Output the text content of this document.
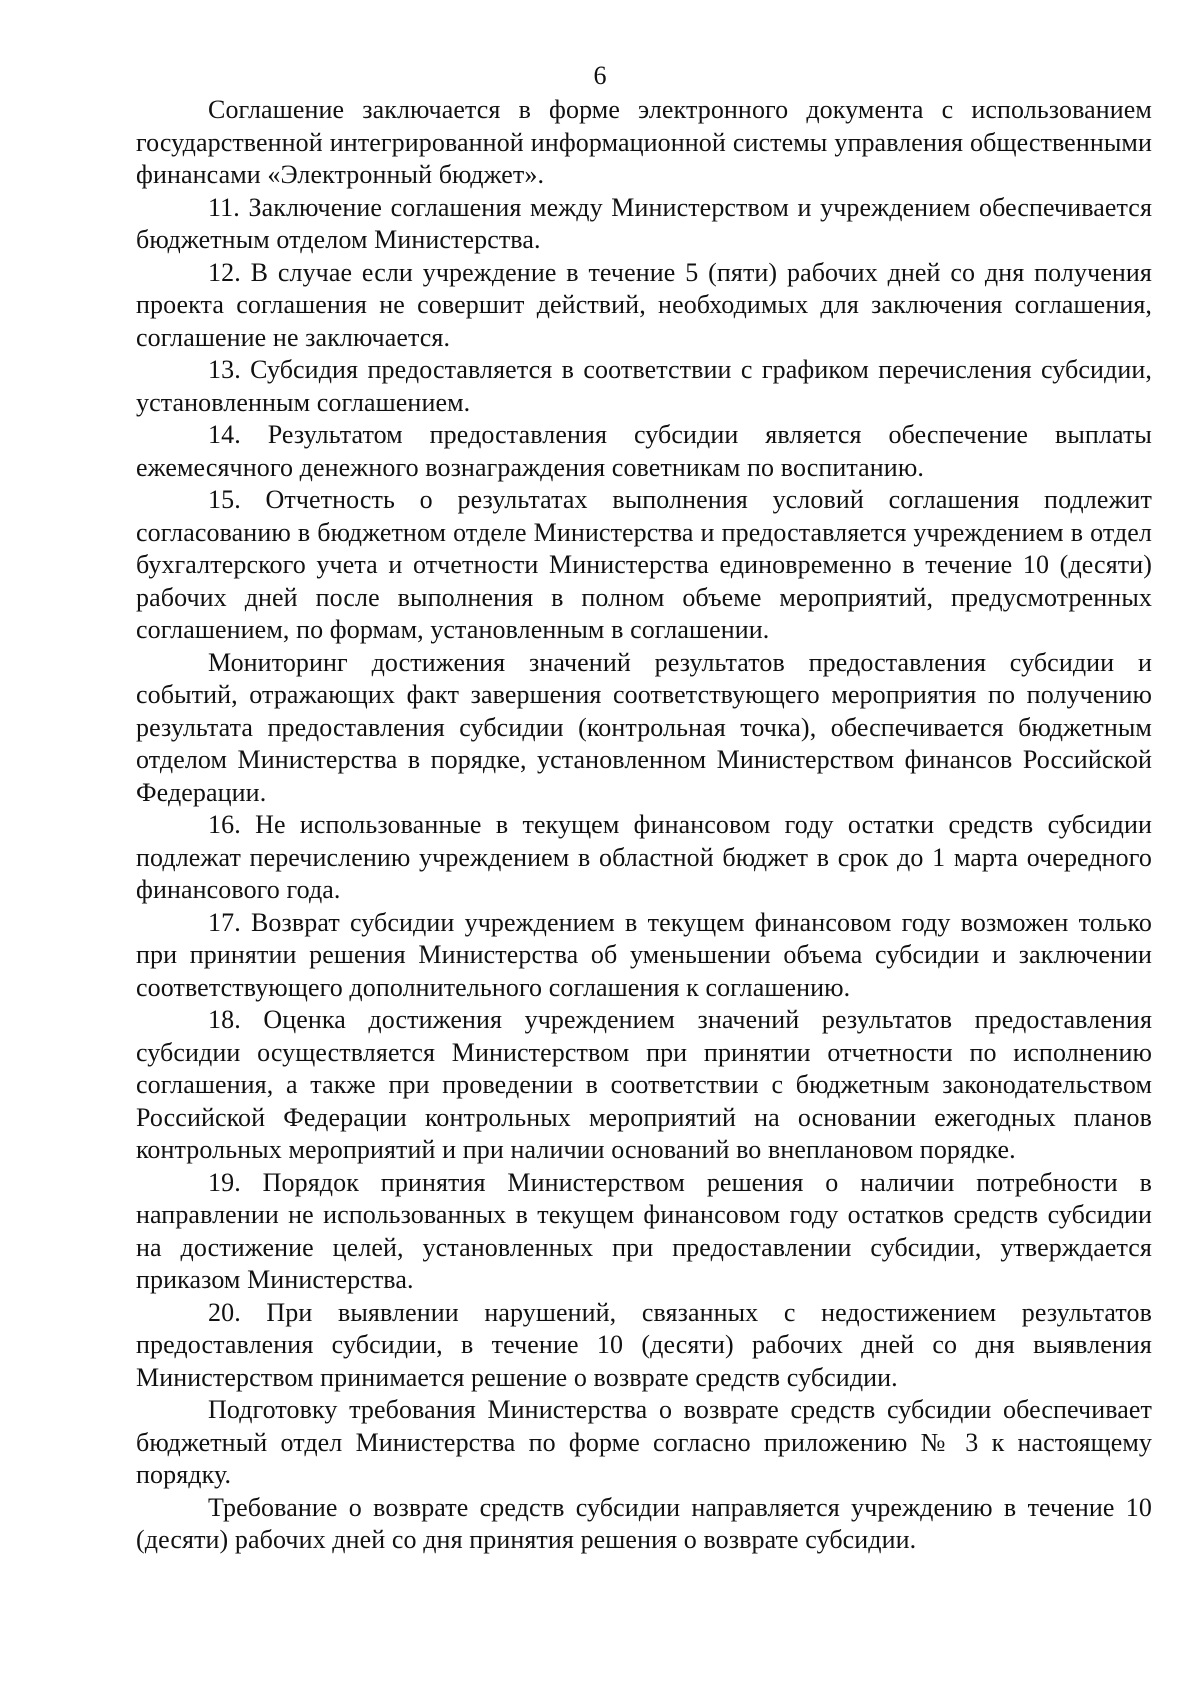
6

Соглашение заключается в форме электронного документа с использованием государственной интегрированной информационной системы управления общественными финансами «Электронный бюджет».

11. Заключение соглашения между Министерством и учреждением обеспечивается бюджетным отделом Министерства.

12. В случае если учреждение в течение 5 (пяти) рабочих дней со дня получения проекта соглашения не совершит действий, необходимых для заключения соглашения, соглашение не заключается.

13. Субсидия предоставляется в соответствии с графиком перечисления субсидии, установленным соглашением.

14. Результатом предоставления субсидии является обеспечение выплаты ежемесячного денежного вознаграждения советникам по воспитанию.

15. Отчетность о результатах выполнения условий соглашения подлежит согласованию в бюджетном отделе Министерства и предоставляется учреждением в отдел бухгалтерского учета и отчетности Министерства единовременно в течение 10 (десяти) рабочих дней после выполнения в полном объеме мероприятий, предусмотренных соглашением, по формам, установленным в соглашении.

Мониторинг достижения значений результатов предоставления субсидии и событий, отражающих факт завершения соответствующего мероприятия по получению результата предоставления субсидии (контрольная точка), обеспечивается бюджетным отделом Министерства в порядке, установленном Министерством финансов Российской Федерации.

16. Не использованные в текущем финансовом году остатки средств субсидии подлежат перечислению учреждением в областной бюджет в срок до 1 марта очередного финансового года.

17. Возврат субсидии учреждением в текущем финансовом году возможен только при принятии решения Министерства об уменьшении объема субсидии и заключении соответствующего дополнительного соглашения к соглашению.

18. Оценка достижения учреждением значений результатов предоставления субсидии осуществляется Министерством при принятии отчетности по исполнению соглашения, а также при проведении в соответствии с бюджетным законодательством Российской Федерации контрольных мероприятий на основании ежегодных планов контрольных мероприятий и при наличии оснований во внеплановом порядке.

19. Порядок принятия Министерством решения о наличии потребности в направлении не использованных в текущем финансовом году остатков средств субсидии на достижение целей, установленных при предоставлении субсидии, утверждается приказом Министерства.

20. При выявлении нарушений, связанных с недостижением результатов предоставления субсидии, в течение 10 (десяти) рабочих дней со дня выявления Министерством принимается решение о возврате средств субсидии.

Подготовку требования Министерства о возврате средств субсидии обеспечивает бюджетный отдел Министерства по форме согласно приложению № 3 к настоящему порядку.

Требование о возврате средств субсидии направляется учреждению в течение 10 (десяти) рабочих дней со дня принятия решения о возврате субсидии.
